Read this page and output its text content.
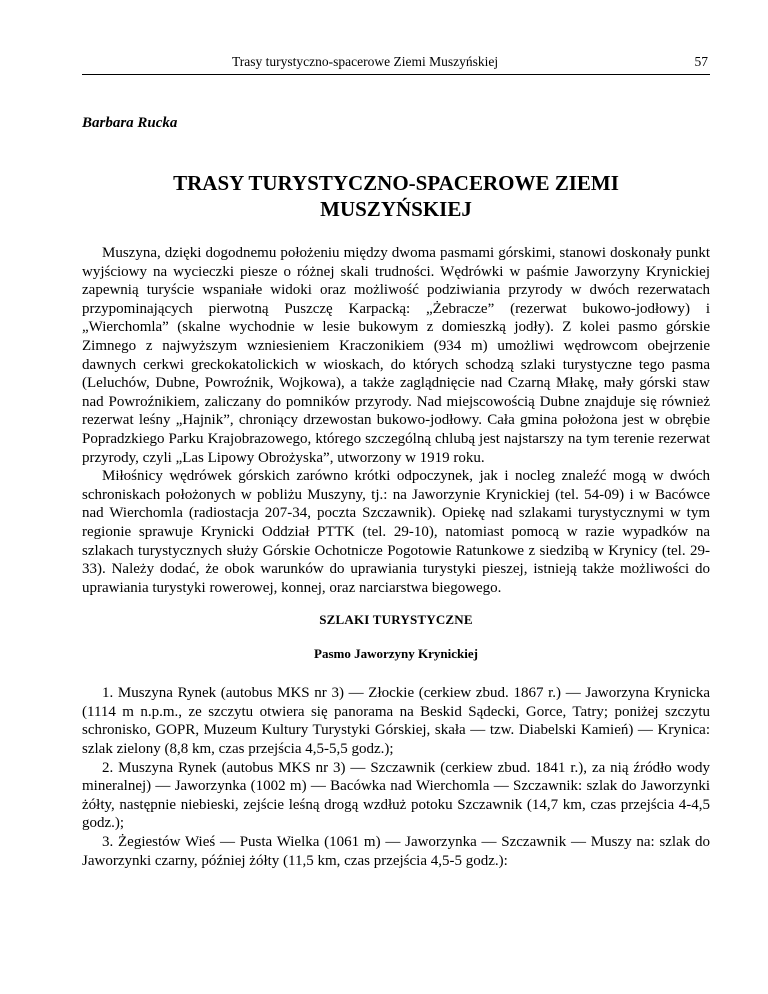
Trasy turystyczno-spacerowe Ziemi Muszyńskiej	57
Barbara Rucka
TRASY TURYSTYCZNO-SPACEROWE ZIEMI MUSZYŃSKIEJ

Muszyna, dzięki dogodnemu położeniu między dwoma pasmami górskimi, stanowi doskonały punkt wyjściowy na wycieczki piesze o różnej skali trudności. Wędrówki w paśmie Jaworzyny Krynickiej zapewnią turyście wspaniałe widoki oraz możliwość podziwiania przyrody w dwóch rezerwatach przypominających pierwotną Puszczę Karpacką: „Żebracze” (rezerwat bukowo-jodłowy) i „Wierchomla” (skalne wychodnie w lesie bukowym z domieszką jodły). Z kolei pasmo górskie Zimnego z najwyższym wzniesieniem Kraczonikiem (934 m) umożliwi wędrowcom obejrzenie dawnych cerkwi greckokatolickich w wioskach, do których schodzą szlaki turystyczne tego pasma (Leluchów, Dubne, Powroźnik, Wojkowa), a także zaglądnięcie nad Czarną Młakę, mały górski staw nad Powroźnikiem, zaliczany do pomników przyrody. Nad miejscowością Dubne znajduje się również rezerwat leśny „Hajnik”, chroniący drzewostan bukowo-jodłowy. Cała gmina położona jest w obrębie Popradzkiego Parku Krajobrazowego, którego szczególną chlubą jest najstarszy na tym terenie rezerwat przyrody, czyli „Las Lipowy Obrożyska”, utworzony w 1919 roku.

Miłośnicy wędrówek górskich zarówno krótki odpoczynek, jak i nocleg znaleźć mogą w dwóch schroniskach położonych w pobliżu Muszyny, tj.: na Jaworzynie Krynickiej (tel. 54-09) i w Bacówce nad Wierchomla (radiostacja 207-34, poczta Szczawnik). Opiekę nad szlakami turystycznymi w tym regionie sprawuje Krynicki Oddział PTTK (tel. 29-10), natomiast pomocą w razie wypadków na szlakach turystycznych służy Górskie Ochotnicze Pogotowie Ratunkowe z siedzibą w Krynicy (tel. 29-33). Należy dodać, że obok warunków do uprawiania turystyki pieszej, istnieją także możliwości do uprawiania turystyki rowerowej, konnej, oraz narciarstwa biegowego.

SZLAKI TURYSTYCZNE
Pasmo Jaworzyny Krynickiej

1. Muszyna Rynek (autobus MKS nr 3) — Złockie (cerkiew zbud. 1867 r.) — Jaworzyna Krynicka (1114 m n.p.m., ze szczytu otwiera się panorama na Beskid Sądecki, Gorce, Tatry; poniżej szczytu schronisko, GOPR, Muzeum Kultury Turystyki Górskiej, skała — tzw. Diabelski Kamień) — Krynica: szlak zielony (8,8 km, czas przejścia 4,5-5,5 godz.);

2. Muszyna Rynek (autobus MKS nr 3) — Szczawnik (cerkiew zbud. 1841 r.), za nią źródło wody mineralnej) — Jaworzynka (1002 m) — Bacówka nad Wierchomla — Szczawnik: szlak do Jaworzynki żółty, następnie niebieski, zejście leśną drogą wzdłuż potoku Szczawnik (14,7 km, czas przejścia 4-4,5 godz.);

3. Żegiestów Wieś — Pusta Wielka (1061 m) — Jaworzynka — Szczawnik — Muszy na: szlak do Jaworzynki czarny, później żółty (11,5 km, czas przejścia 4,5-5 godz.):
